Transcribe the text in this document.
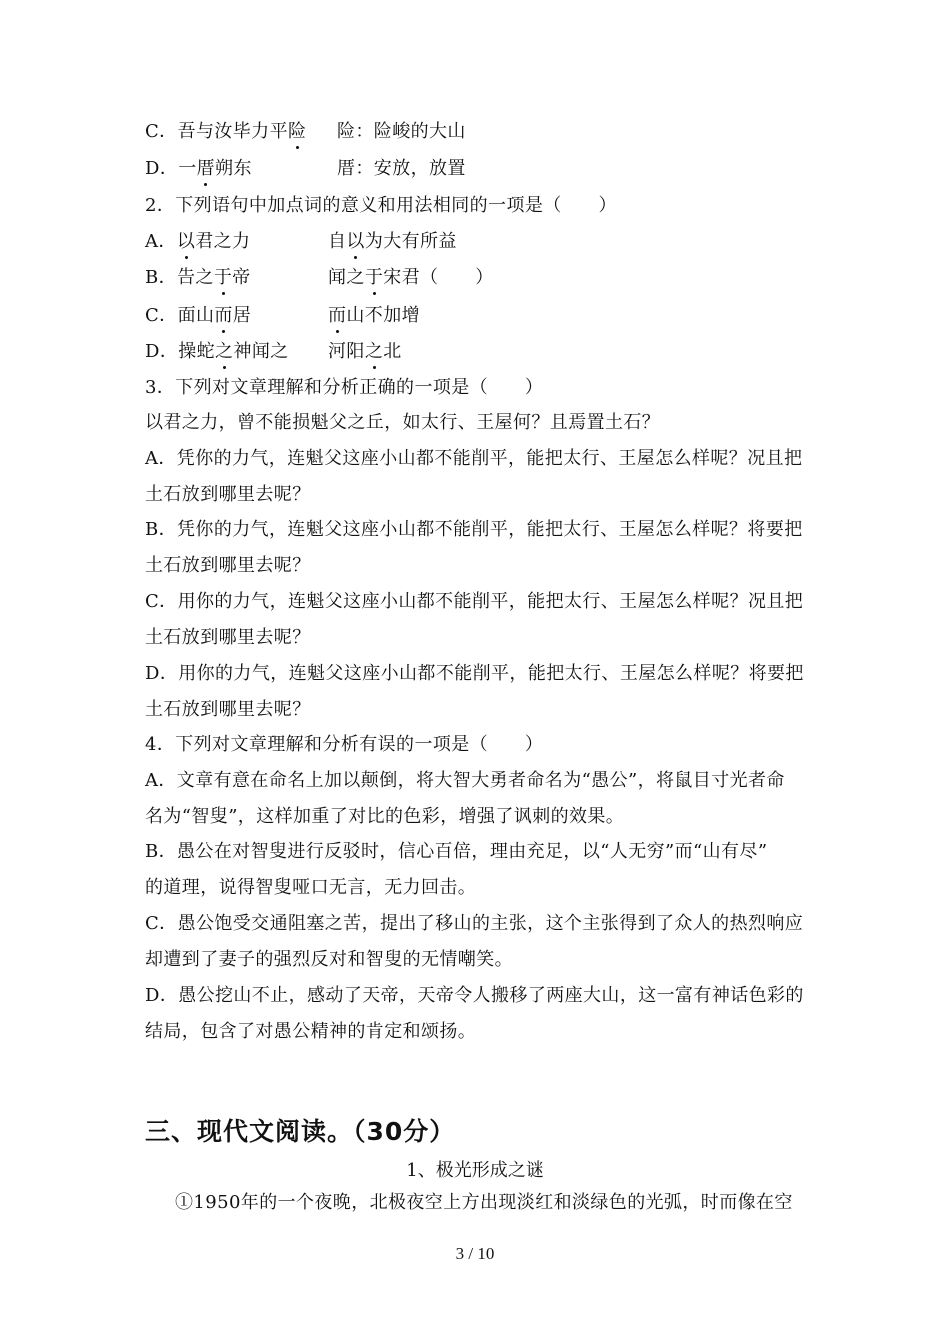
C．吾与汝毕力平险 险：险峻的大山
D．一厝朔东	厝：安放，放置
2．下列语句中加点词的意义和用法相同的一项是（　　）
A．以君之力	自以为大有所益
B．告之于帝	闻之于宋君（　　）
C．面山而居	而山不加增
D．操蛇之神闻之 河阳之北
3．下列对文章理解和分析正确的一项是（　　）
以君之力，曾不能损魁父之丘，如太行、王屋何？且焉置土石？
A．凭你的力气，连魁父这座小山都不能削平，能把太行、王屋怎么样呢？况且把
土石放到哪里去呢？
B．凭你的力气，连魁父这座小山都不能削平，能把太行、王屋怎么样呢？将要把
土石放到哪里去呢？
C．用你的力气，连魁父这座小山都不能削平，能把太行、王屋怎么样呢？况且把
土石放到哪里去呢？
D．用你的力气，连魁父这座小山都不能削平，能把太行、王屋怎么样呢？将要把
土石放到哪里去呢？
4．下列对文章理解和分析有误的一项是（　　）
A．文章有意在命名上加以颠倒，将大智大勇者命名为“愚公”，将鼠目寸光者命
名为“智叟”，这样加重了对比的色彩，增强了讽刺的效果。
B．愚公在对智叟进行反驳时，信心百倍，理由充足，以“人无穷”而“山有尽”
的道理，说得智叟哑口无言，无力回击。
C．愚公饱受交通阻塞之苦，提出了移山的主张，这个主张得到了众人的热烈响应
却遭到了妻子的强烈反对和智叟的无情嘲笑。
D．愚公挖山不止，感动了天帝，天帝令人搬移了两座大山，这一富有神话色彩的
结局，包含了对愚公精神的肯定和颂扬。
三、现代文阅读。（30分）
1、极光形成之谜
①1950年的一个夜晚，北极夜空上方出现淡红和淡绿色的光弧，时而像在空
3 / 10
